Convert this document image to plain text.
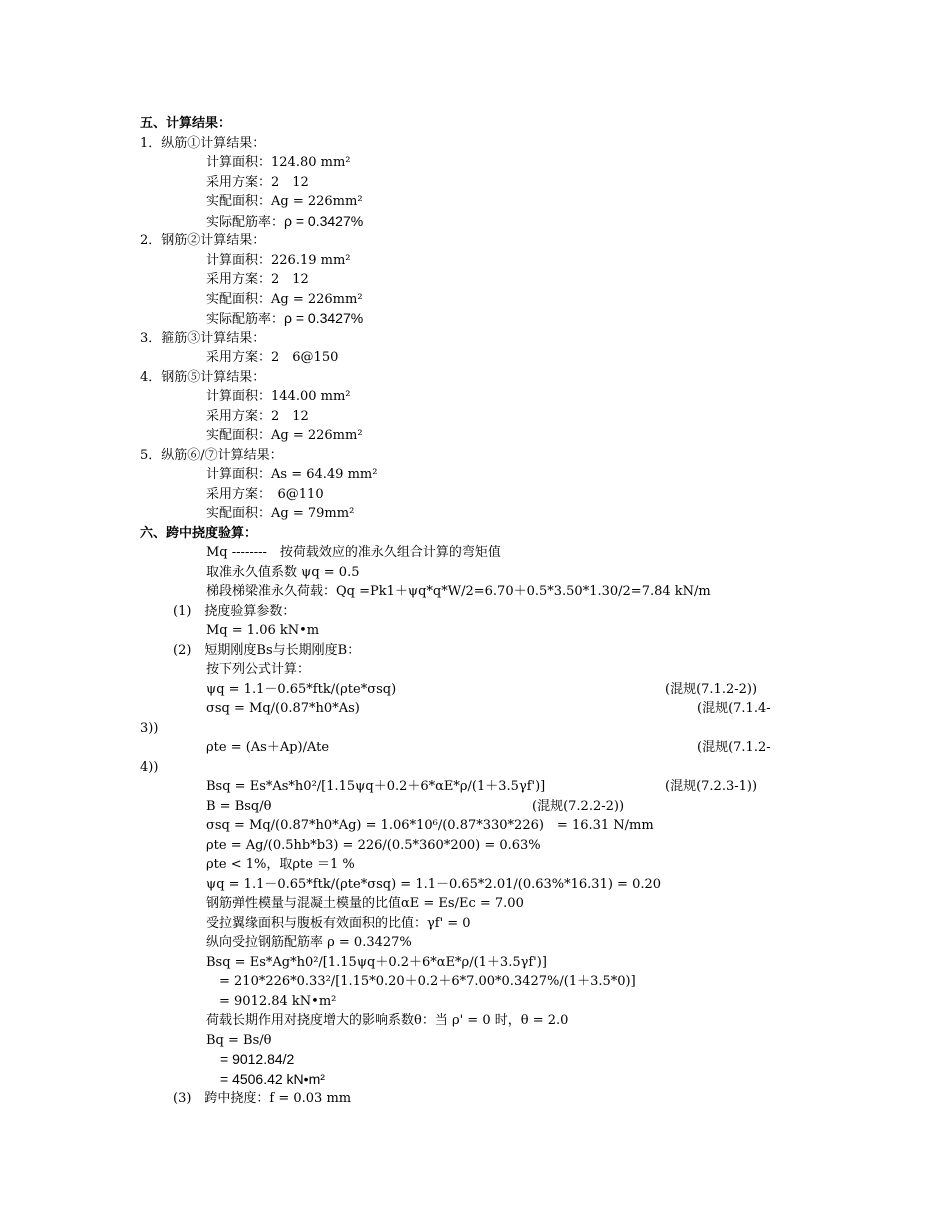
五、计算结果：
1．纵筋①计算结果：
计算面积：124.80 mm²
采用方案：2　12
实配面积：Ag = 226mm²
实际配筋率：ρ = 0.3427%
2．钢筋②计算结果：
计算面积：226.19 mm²
采用方案：2　12
实配面积：Ag = 226mm²
实际配筋率：ρ = 0.3427%
3．箍筋③计算结果：
采用方案：2　6@150
4．钢筋⑤计算结果：
计算面积：144.00 mm²
采用方案：2　12
实配面积：Ag = 226mm²
5．纵筋⑥/⑦计算结果：
计算面积：As = 64.49 mm²
采用方案：　6@110
实配面积：Ag = 79mm²
六、跨中挠度验算：
Mq --------　按荷载效应的准永久组合计算的弯矩值
取准永久值系数 ψq = 0.5
梯段梯梁准永久荷载：Qq =Pk1＋ψq*q*W/2=6.70＋0.5*3.50*1.30/2=7.84 kN/m
(1)　挠度验算参数：
Mq = 1.06 kN•m
(2)　短期刚度Bs与长期刚度B：
按下列公式计算：
ψq = 1.1－0.65*ftk/(ρte*σsq)	(混规(7.1.2-2))
σsq = Mq/(0.87*h0*As)	(混规(7.1.4-
3))
ρte = (As＋Ap)/Ate	(混规(7.1.2-
4))
Bsq = Es*As*h0²/[1.15ψq＋0.2＋6*αE*ρ/(1＋3.5γf')]	(混规(7.2.3-1))
B = Bsq/θ	(混规(7.2.2-2))
σsq = Mq/(0.87*h0*Ag) = 1.06*10⁶/(0.87*330*226)　= 16.31 N/mm
ρte = Ag/(0.5hb*b3) = 226/(0.5*360*200) = 0.63%
ρte < 1%，取ρte ＝1 %
ψq = 1.1－0.65*ftk/(ρte*σsq) = 1.1－0.65*2.01/(0.63%*16.31) = 0.20
钢筋弹性模量与混凝土模量的比值αE = Es/Ec = 7.00
受拉翼缘面积与腹板有效面积的比值：γf' = 0
纵向受拉钢筋配筋率 ρ = 0.3427%
Bsq = Es*Ag*h0²/[1.15ψq＋0.2＋6*αE*ρ/(1＋3.5γf')]
　= 210*226*0.33²/[1.15*0.20＋0.2＋6*7.00*0.3427%/(1＋3.5*0)]
　= 9012.84 kN•m²
荷载长期作用对挠度增大的影响系数θ：当 ρ' = 0 时，θ = 2.0
Bq = Bs/θ
　= 9012.84/2
　= 4506.42 kN•m²
(3)　跨中挠度：f = 0.03 mm
